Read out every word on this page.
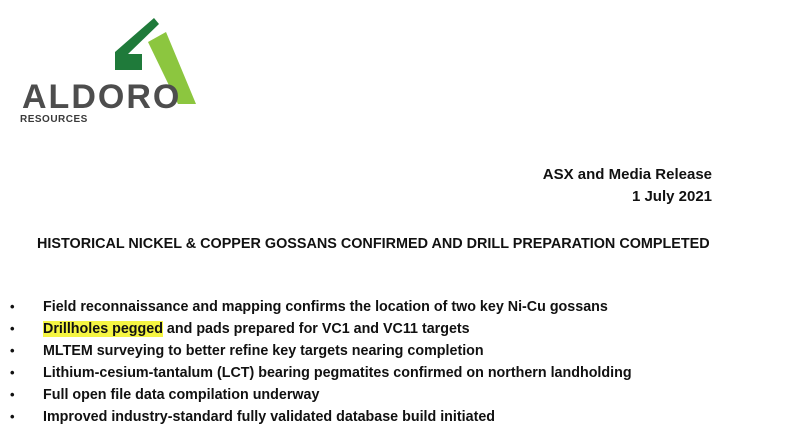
ALDORO
RESOURCES
ASX and Media Release
1 July 2021
HISTORICAL NICKEL & COPPER GOSSANS CONFIRMED AND DRILL PREPARATION COMPLETED
• Field reconnaissance and mapping confirms the location of two key Ni-Cu gossans
• Drillholes pegged and pads prepared for VC1 and VC11 targets
• MLTEM surveying to better refine key targets nearing completion
• Lithium-cesium-tantalum (LCT) bearing pegmatites confirmed on northern landholding
• Full open file data compilation underway
• Improved industry-standard fully validated database build initiated
